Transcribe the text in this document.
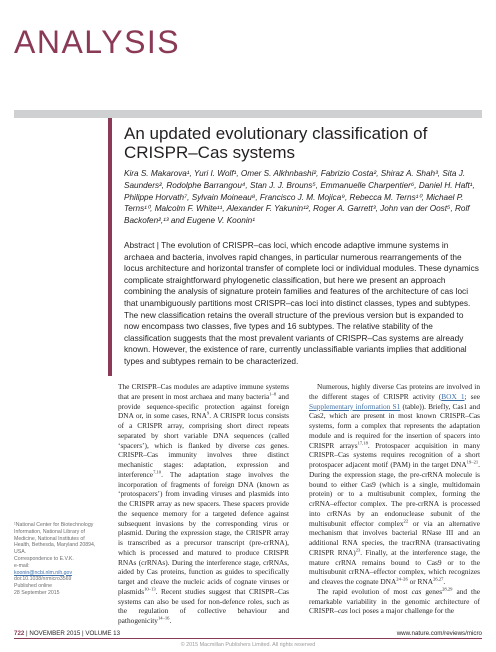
ANALYSIS
An updated evolutionary classification of CRISPR–Cas systems
Kira S. Makarova¹, Yuri I. Wolf¹, Omer S. Alkhnbashi², Fabrizio Costa², Shiraz A. Shah³, Sita J. Saunders², Rodolphe Barrangou⁴, Stan J. J. Brouns⁵, Emmanuelle Charpentier⁶, Daniel H. Haft¹, Philippe Horvath⁷, Sylvain Moineau⁸, Francisco J. M. Mojica⁹, Rebecca M. Terns¹⁰, Michael P. Terns¹⁰, Malcolm F. White¹¹, Alexander F. Yakunin¹², Roger A. Garrett³, John van der Oost⁵, Rolf Backofen²,¹³ and Eugene V. Koonin¹
Abstract | The evolution of CRISPR–cas loci, which encode adaptive immune systems in archaea and bacteria, involves rapid changes, in particular numerous rearrangements of the locus architecture and horizontal transfer of complete loci or individual modules. These dynamics complicate straightforward phylogenetic classification, but here we present an approach combining the analysis of signature protein families and features of the architecture of cas loci that unambiguously partitions most CRISPR–cas loci into distinct classes, types and subtypes. The new classification retains the overall structure of the previous version but is expanded to now encompass two classes, five types and 16 subtypes. The relative stability of the classification suggests that the most prevalent variants of CRISPR–Cas systems are already known. However, the existence of rare, currently unclassifiable variants implies that additional types and subtypes remain to be characterized.
The CRISPR–Cas modules are adaptive immune systems that are present in most archaea and many bacteria$^{1-8}$ and provide sequence-specific protection against foreign DNA or, in some cases, RNA$^9$. A CRISPR locus consists of a CRISPR array, comprising short direct repeats separated by short variable DNA sequences (called ‘spacers’), which is flanked by diverse cas genes. CRISPR–Cas immunity involves three distinct mechanistic stages: adaptation, expression and interference$^{7,10}$. The adaptation stage involves the incorporation of fragments of foreign DNA (known as ‘protospacers’) from invading viruses and plasmids into the CRISPR array as new spacers. These spacers provide the sequence memory for a targeted defence against subsequent invasions by the corresponding virus or plasmid. During the expression stage, the CRISPR array is transcribed as a precursor transcript (pre-crRNA), which is processed and matured to produce CRISPR RNAs (crRNAs). During the interference stage, crRNAs, aided by Cas proteins, function as guides to specifically target and cleave the nucleic acids of cognate viruses or plasmids$^{10-13}$. Recent studies suggest that CRISPR–Cas systems can also be used for non-defence roles, such as the regulation of collective behaviour and pathogenicity$^{14-16}$.
Numerous, highly diverse Cas proteins are involved in the different stages of CRISPR activity (BOX 1; see Supplementary information S1 (table)). Briefly, Cas1 and Cas2, which are present in most known CRISPR–Cas systems, form a complex that represents the adaptation module and is required for the insertion of spacers into CRISPR arrays$^{17,18}$. Protospacer acquisition in many CRISPR–Cas systems requires recognition of a short protospacer adjacent motif (PAM) in the target DNA$^{19-21}$. During the expression stage, the pre-crRNA molecule is bound to either Cas9 (which is a single, multidomain protein) or to a multisubunit complex, forming the crRNA–effector complex. The pre-crRNA is processed into crRNAs by an endonuclease subunit of the multisubunit effector complex$^{22}$ or via an alternative mechanism that involves bacterial RNase III and an additional RNA species, the tracrRNA (transactivating CRISPR RNA)$^{23}$. Finally, at the interference stage, the mature crRNA remains bound to Cas9 or to the multisubunit crRNA–effector complex, which recognizes and cleaves the cognate DNA$^{24-26}$ or RNA$^{26,27}$.
The rapid evolution of most cas genes$^{28,29}$ and the remarkable variability in the genomic architecture of CRISPR–cas loci poses a major challenge for the
¹National Center for Biotechnology Information, National Library of Medicine, National Institutes of Health, Bethesda, Maryland 20894, USA.
Correspondence to E.V.K.
e-mail:
koonin@ncbi.nlm.nih.gov
doi:10.1038/nrmicro3569
Published online
28 September 2015
722 | NOVEMBER 2015 | VOLUME 13	www.nature.com/reviews/micro
© 2015 Macmillan Publishers Limited. All rights reserved
